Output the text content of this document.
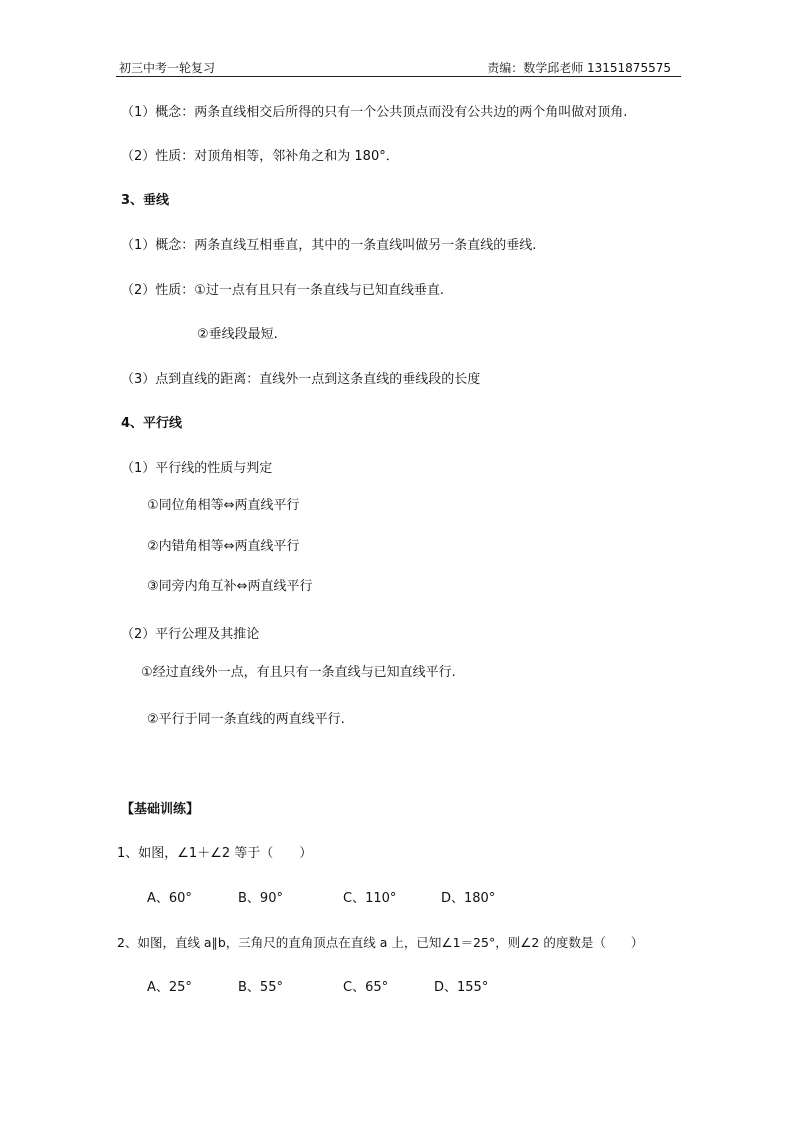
初三中考一轮复习	责编：数学邱老师 13151875575
（1）概念：两条直线相交后所得的只有一个公共顶点而没有公共边的两个角叫做对顶角.
（2）性质：对顶角相等，邻补角之和为 180°．
3、垂线
（1）概念：两条直线互相垂直，其中的一条直线叫做另一条直线的垂线.
（2）性质：①过一点有且只有一条直线与已知直线垂直.
②垂线段最短.
（3）点到直线的距离：直线外一点到这条直线的垂线段的长度
4、平行线
（1）平行线的性质与判定
①同位角相等⇔两直线平行
②内错角相等⇔两直线平行
③同旁内角互补⇔两直线平行
（2）平行公理及其推论
①经过直线外一点，有且只有一条直线与已知直线平行.
②平行于同一条直线的两直线平行.
【基础训练】
1、如图，∠1＋∠2 等于（　　）
A、60°	B、90°	C、110°	D、180°
2、如图，直线 a∥b，三角尺的直角顶点在直线 a 上，已知∠1＝25°，则∠2 的度数是（　　）
A、25°	B、55°	C、65°	D、155°
